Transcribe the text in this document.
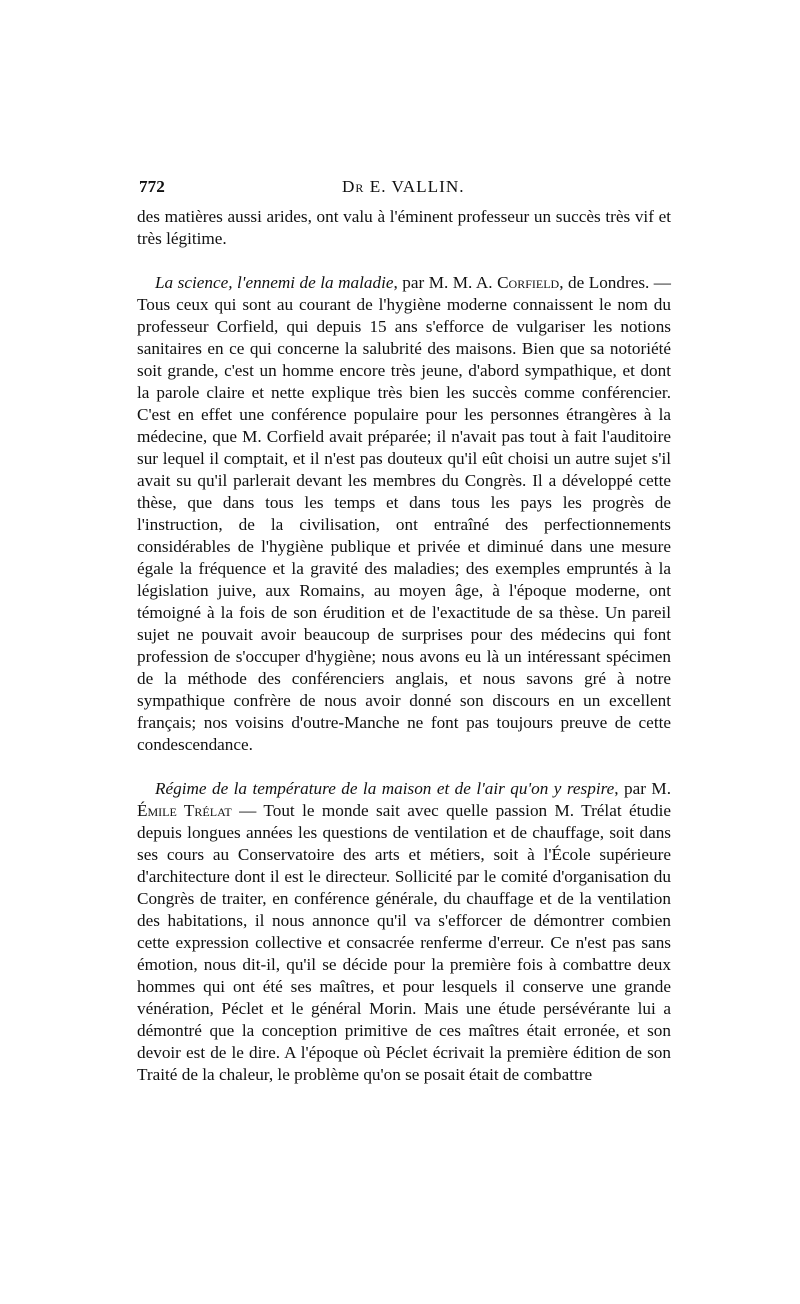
772	Dr E. VALLIN.

des matières aussi arides, ont valu à l'éminent professeur un succès très vif et très légitime.

La science, l'ennemi de la maladie, par M. M. A. Corfield, de Londres. — Tous ceux qui sont au courant de l'hygiène moderne connaissent le nom du professeur Corfield, qui depuis 15 ans s'efforce de vulgariser les notions sanitaires en ce qui concerne la salubrité des maisons. Bien que sa notoriété soit grande, c'est un homme encore très jeune, d'abord sympathique, et dont la parole claire et nette explique très bien les succès comme conférencier. C'est en effet une conférence populaire pour les personnes étrangères à la médecine, que M. Corfield avait préparée; il n'avait pas tout à fait l'auditoire sur lequel il comptait, et il n'est pas douteux qu'il eût choisi un autre sujet s'il avait su qu'il parlerait devant les membres du Congrès. Il a développé cette thèse, que dans tous les temps et dans tous les pays les progrès de l'instruction, de la civilisation, ont entraîné des perfectionnements considérables de l'hygiène publique et privée et diminué dans une mesure égale la fréquence et la gravité des maladies; des exemples empruntés à la législation juive, aux Romains, au moyen âge, à l'époque moderne, ont témoigné à la fois de son érudition et de l'exactitude de sa thèse. Un pareil sujet ne pouvait avoir beaucoup de surprises pour des médecins qui font profession de s'occuper d'hygiène; nous avons eu là un intéressant spécimen de la méthode des conférenciers anglais, et nous savons gré à notre sympathique confrère de nous avoir donné son discours en un excellent français; nos voisins d'outre-Manche ne font pas toujours preuve de cette condescendance.

Régime de la température de la maison et de l'air qu'on y respire, par M. Émile Trélat — Tout le monde sait avec quelle passion M. Trélat étudie depuis longues années les questions de ventilation et de chauffage, soit dans ses cours au Conservatoire des arts et métiers, soit à l'École supérieure d'architecture dont il est le directeur. Sollicité par le comité d'organisation du Congrès de traiter, en conférence générale, du chauffage et de la ventilation des habitations, il nous annonce qu'il va s'efforcer de démontrer combien cette expression collective et consacrée renferme d'erreur. Ce n'est pas sans émotion, nous dit-il, qu'il se décide pour la première fois à combattre deux hommes qui ont été ses maîtres, et pour lesquels il conserve une grande vénération, Péclet et le général Morin. Mais une étude persévérante lui a démontré que la conception primitive de ces maîtres était erronée, et son devoir est de le dire. A l'époque où Péclet écrivait la première édition de son Traité de la chaleur, le problème qu'on se posait était de combattre
